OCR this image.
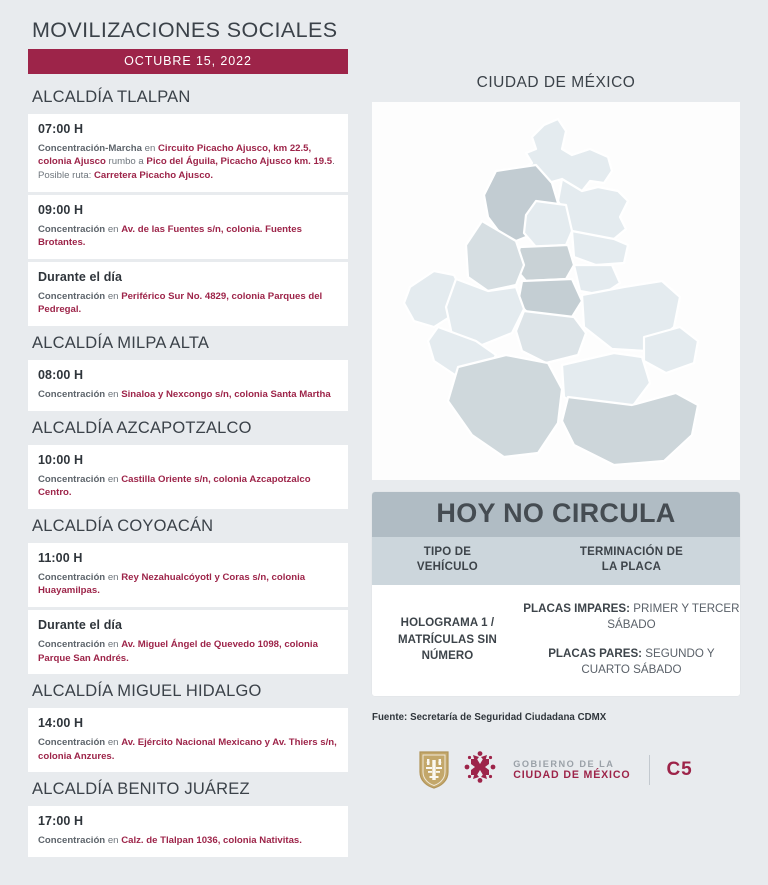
MOVILIZACIONES SOCIALES
OCTUBRE 15, 2022
ALCALDÍA TLALPAN
07:00 H
Concentración-Marcha en Circuito Picacho Ajusco, km 22.5, colonia Ajusco rumbo a Pico del Águila, Picacho Ajusco km. 19.5. Posible ruta: Carretera Picacho Ajusco.
09:00 H
Concentración en Av. de las Fuentes s/n, colonia. Fuentes Brotantes.
Durante el día
Concentración en Periférico Sur No. 4829, colonia Parques del Pedregal.
ALCALDÍA MILPA ALTA
08:00 H
Concentración en Sinaloa y Nexcongo s/n, colonia Santa Martha
ALCALDÍA AZCAPOTZALCO
10:00 H
Concentración en Castilla Oriente s/n, colonia Azcapotzalco Centro.
ALCALDÍA COYOACÁN
11:00 H
Concentración en Rey Nezahualcóyotl y Coras s/n, colonia Huayamilpas.
Durante el día
Concentración en Av. Miguel Ángel de Quevedo 1098, colonia Parque San Andrés.
ALCALDÍA MIGUEL HIDALGO
14:00 H
Concentración en Av. Ejército Nacional Mexicano y Av. Thiers s/n, colonia Anzures.
ALCALDÍA BENITO JUÁREZ
17:00 H
Concentración en Calz. de Tlalpan 1036, colonia Nativitas.
CIUDAD DE MÉXICO
HOY NO CIRCULA
TIPO DE
VEHÍCULO
TERMINACIÓN DE
LA PLACA
HOLOGRAMA 1 /
MATRÍCULAS SIN
NÚMERO
PLACAS IMPARES: PRIMER Y TERCER SÁBADO
PLACAS PARES: SEGUNDO Y CUARTO SÁBADO
Fuente: Secretaría de Seguridad Ciudadana CDMX
GOBIERNO DE LA
CIUDAD DE MÉXICO C5
